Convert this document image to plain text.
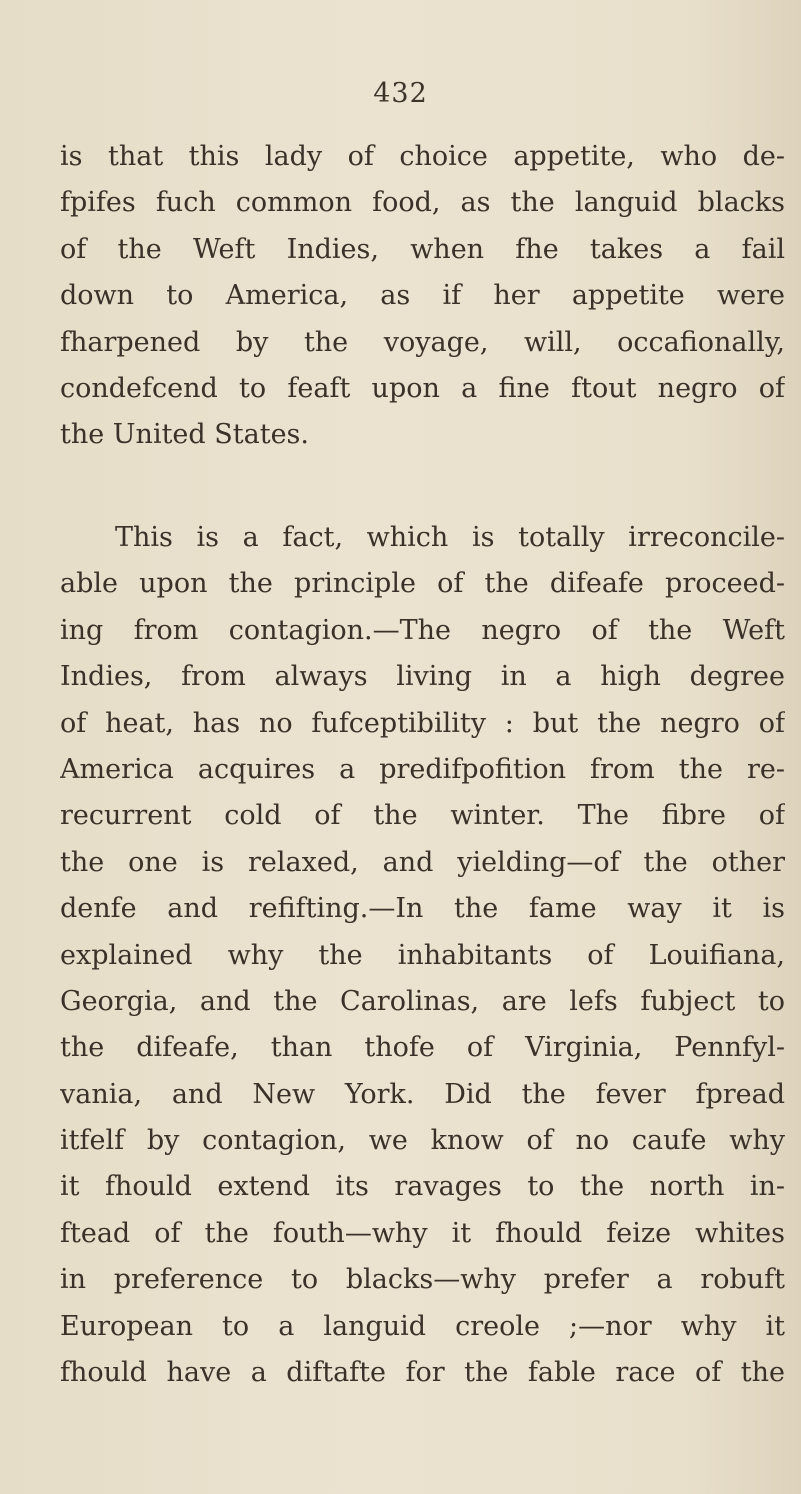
432
is that this lady of choice appetite, who de-
fpifes fuch common food, as the languid blacks
of the Weft Indies, when fhe takes a fail
down to America, as if her appetite were
fharpened by the voyage, will, occafionally,
condefcend to feaft upon a fine ftout negro of
the United States.
This is a fact, which is totally irreconcile-
able upon the principle of the difeafe proceed-
ing from contagion.—The negro of the Weft
Indies, from always living in a high degree
of heat, has no fufceptibility : but the negro of
America acquires a predifpofition from the re-
recurrent cold of the winter. The fibre of
the one is relaxed, and yielding—of the other
denfe and refifting.—In the fame way it is
explained why the inhabitants of Louifiana,
Georgia, and the Carolinas, are lefs fubject to
the difeafe, than thofe of Virginia, Pennfyl-
vania, and New York. Did the fever fpread
itfelf by contagion, we know of no caufe why
it fhould extend its ravages to the north in-
ftead of the fouth—why it fhould feize whites
in preference to blacks—why prefer a robuft
European to a languid creole ;—nor why it
fhould have a diftafte for the fable race of the
